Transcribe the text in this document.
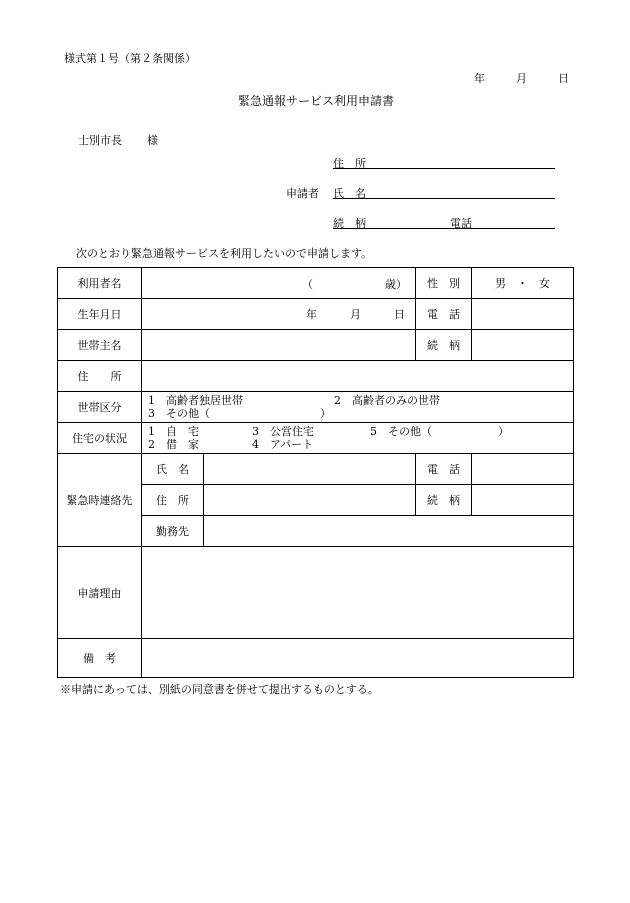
様式第１号（第２条関係）
年	月	日
緊急通報サービス利用申請書
士別市長 様
住　所
申請者 氏　名
続　柄	電話
次のとおり緊急通報サービスを利用したいので申請します。
利用者名	（ 歳）		性　別	男　・　女
生年月日	年　　　月　　　日		電　話	
世帯主名			続　柄	
住　　所				
世帯区分	1　高齢者独居世帯 2　高齢者のみの世帯
3　その他（　　　　　　　　　　）			

住宅の状況	1　自　宅 3　公営住宅 5　その他（　　　　　　）
2　借　家 4　アパート			

緊急時連絡先	氏　名		電　話	
	住　所		続　柄	
	勤務先			
申請理由				
備　考				
※申請にあっては、別紙の同意書を併せて提出するものとする。
